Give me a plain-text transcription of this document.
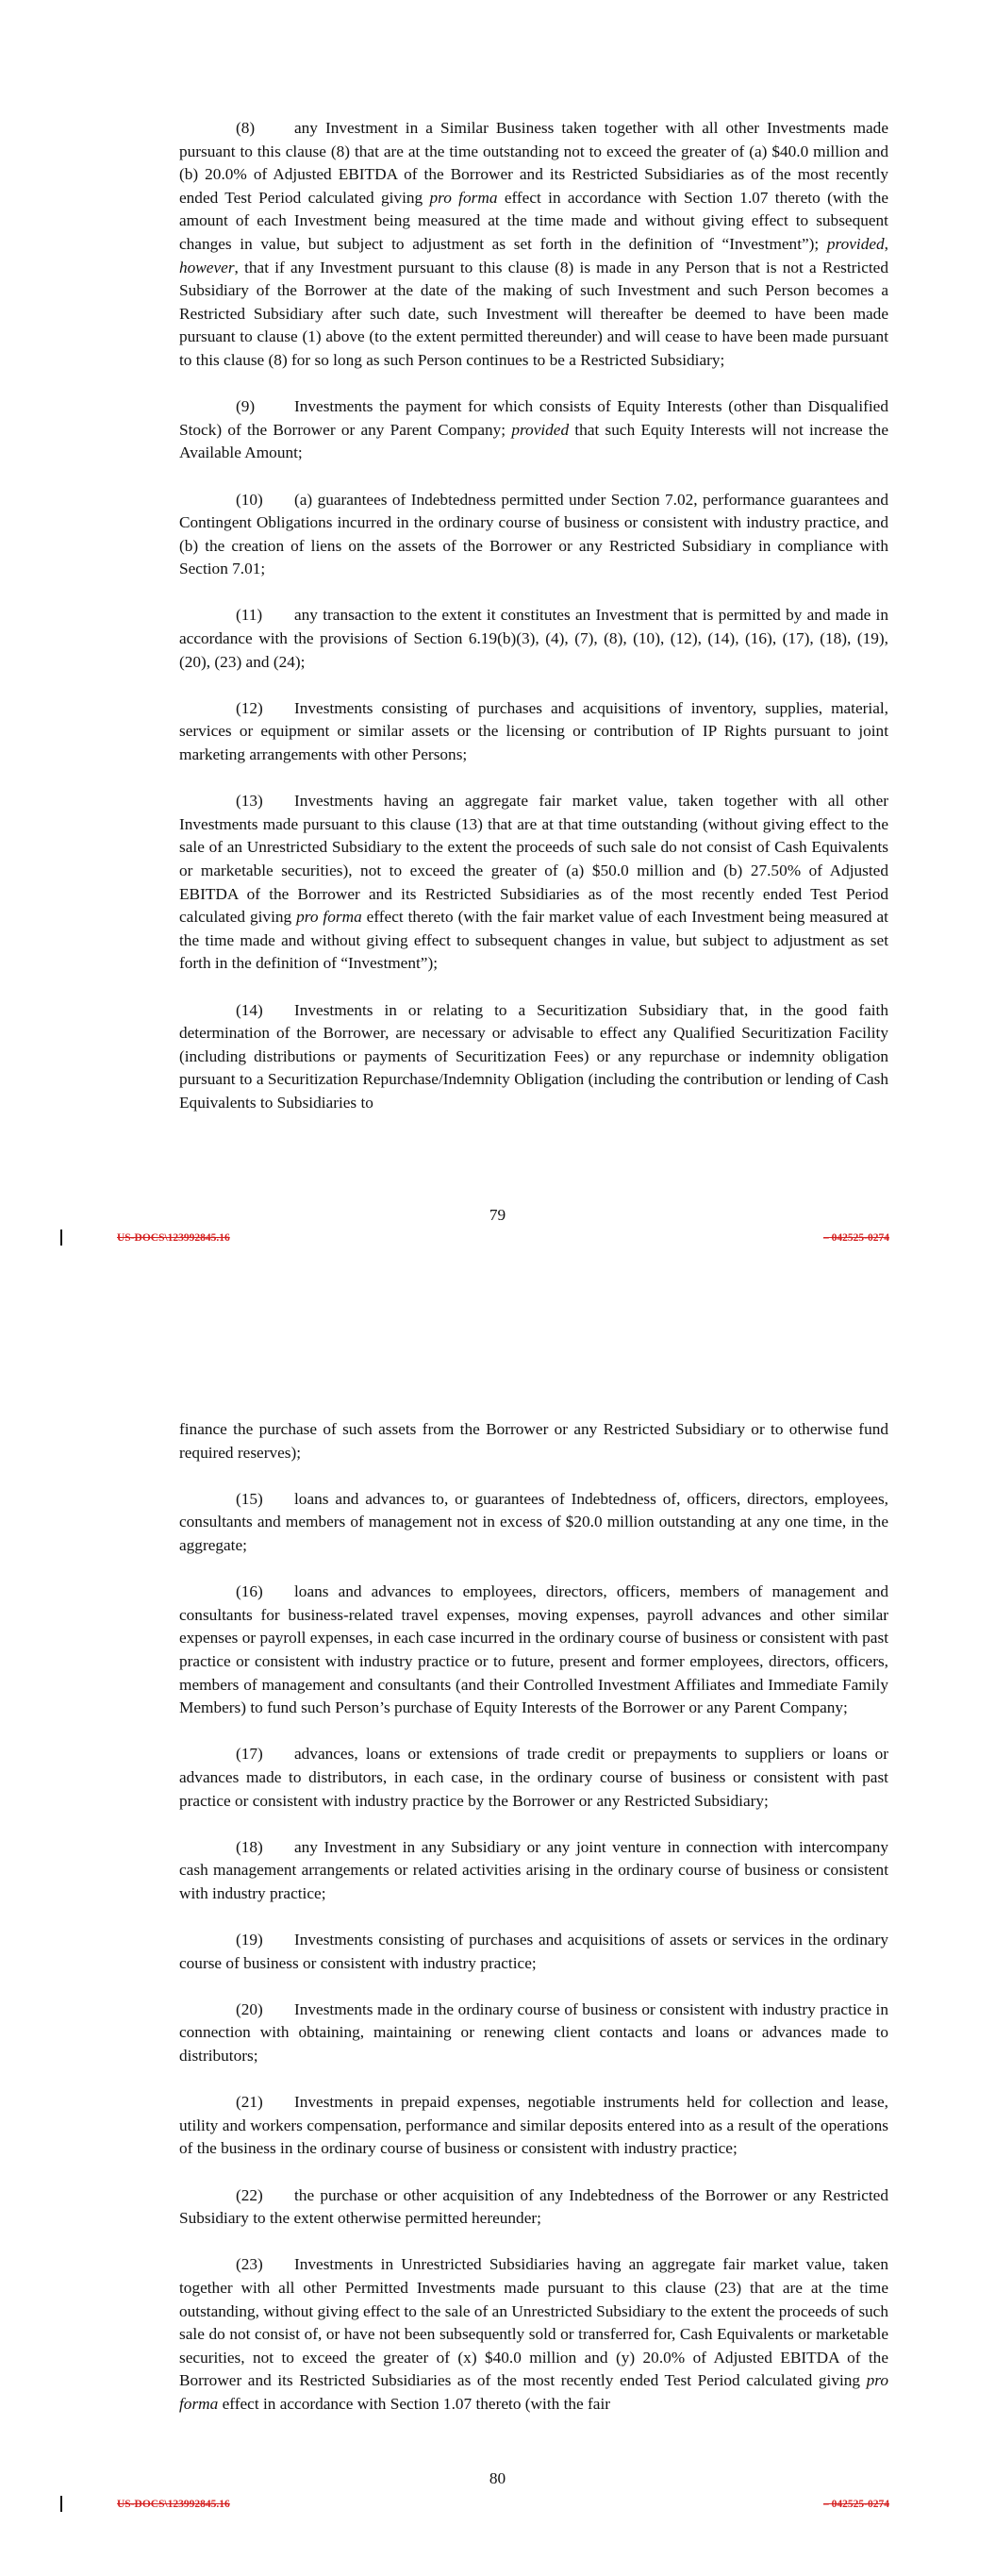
(8) any Investment in a Similar Business taken together with all other Investments made pursuant to this clause (8) that are at the time outstanding not to exceed the greater of (a) $40.0 million and (b) 20.0% of Adjusted EBITDA of the Borrower and its Restricted Subsidiaries as of the most recently ended Test Period calculated giving pro forma effect in accordance with Section 1.07 thereto (with the amount of each Investment being measured at the time made and without giving effect to subsequent changes in value, but subject to adjustment as set forth in the definition of “Investment”); provided, however, that if any Investment pursuant to this clause (8) is made in any Person that is not a Restricted Subsidiary of the Borrower at the date of the making of such Investment and such Person becomes a Restricted Subsidiary after such date, such Investment will thereafter be deemed to have been made pursuant to clause (1) above (to the extent permitted thereunder) and will cease to have been made pursuant to this clause (8) for so long as such Person continues to be a Restricted Subsidiary;

(9) Investments the payment for which consists of Equity Interests (other than Disqualified Stock) of the Borrower or any Parent Company; provided that such Equity Interests will not increase the Available Amount;

(10) (a) guarantees of Indebtedness permitted under Section 7.02, performance guarantees and Contingent Obligations incurred in the ordinary course of business or consistent with industry practice, and (b) the creation of liens on the assets of the Borrower or any Restricted Subsidiary in compliance with Section 7.01;

(11) any transaction to the extent it constitutes an Investment that is permitted by and made in accordance with the provisions of Section 6.19(b)(3), (4), (7), (8), (10), (12), (14), (16), (17), (18), (19), (20), (23) and (24);

(12) Investments consisting of purchases and acquisitions of inventory, supplies, material, services or equipment or similar assets or the licensing or contribution of IP Rights pursuant to joint marketing arrangements with other Persons;

(13) Investments having an aggregate fair market value, taken together with all other Investments made pursuant to this clause (13) that are at that time outstanding (without giving effect to the sale of an Unrestricted Subsidiary to the extent the proceeds of such sale do not consist of Cash Equivalents or marketable securities), not to exceed the greater of (a) $50.0 million and (b) 27.50% of Adjusted EBITDA of the Borrower and its Restricted Subsidiaries as of the most recently ended Test Period calculated giving pro forma effect thereto (with the fair market value of each Investment being measured at the time made and without giving effect to subsequent changes in value, but subject to adjustment as set forth in the definition of “Investment”);

(14) Investments in or relating to a Securitization Subsidiary that, in the good faith determination of the Borrower, are necessary or advisable to effect any Qualified Securitization Facility (including distributions or payments of Securitization Fees) or any repurchase or indemnity obligation pursuant to a Securitization Repurchase/Indemnity Obligation (including the contribution or lending of Cash Equivalents to Subsidiaries to

79
US-DOCS\123992845.16	– 042525-0274

finance the purchase of such assets from the Borrower or any Restricted Subsidiary or to otherwise fund required reserves);

(15) loans and advances to, or guarantees of Indebtedness of, officers, directors, employees, consultants and members of management not in excess of $20.0 million outstanding at any one time, in the aggregate;

(16) loans and advances to employees, directors, officers, members of management and consultants for business-related travel expenses, moving expenses, payroll advances and other similar expenses or payroll expenses, in each case incurred in the ordinary course of business or consistent with past practice or consistent with industry practice or to future, present and former employees, directors, officers, members of management and consultants (and their Controlled Investment Affiliates and Immediate Family Members) to fund such Person’s purchase of Equity Interests of the Borrower or any Parent Company;

(17) advances, loans or extensions of trade credit or prepayments to suppliers or loans or advances made to distributors, in each case, in the ordinary course of business or consistent with past practice or consistent with industry practice by the Borrower or any Restricted Subsidiary;

(18) any Investment in any Subsidiary or any joint venture in connection with intercompany cash management arrangements or related activities arising in the ordinary course of business or consistent with industry practice;

(19) Investments consisting of purchases and acquisitions of assets or services in the ordinary course of business or consistent with industry practice;

(20) Investments made in the ordinary course of business or consistent with industry practice in connection with obtaining, maintaining or renewing client contacts and loans or advances made to distributors;

(21) Investments in prepaid expenses, negotiable instruments held for collection and lease, utility and workers compensation, performance and similar deposits entered into as a result of the operations of the business in the ordinary course of business or consistent with industry practice;

(22) the purchase or other acquisition of any Indebtedness of the Borrower or any Restricted Subsidiary to the extent otherwise permitted hereunder;

(23) Investments in Unrestricted Subsidiaries having an aggregate fair market value, taken together with all other Permitted Investments made pursuant to this clause (23) that are at the time outstanding, without giving effect to the sale of an Unrestricted Subsidiary to the extent the proceeds of such sale do not consist of, or have not been subsequently sold or transferred for, Cash Equivalents or marketable securities, not to exceed the greater of (x) $40.0 million and (y) 20.0% of Adjusted EBITDA of the Borrower and its Restricted Subsidiaries as of the most recently ended Test Period calculated giving pro forma effect in accordance with Section 1.07 thereto (with the fair

80
US-DOCS\123992845.16	– 042525-0274
